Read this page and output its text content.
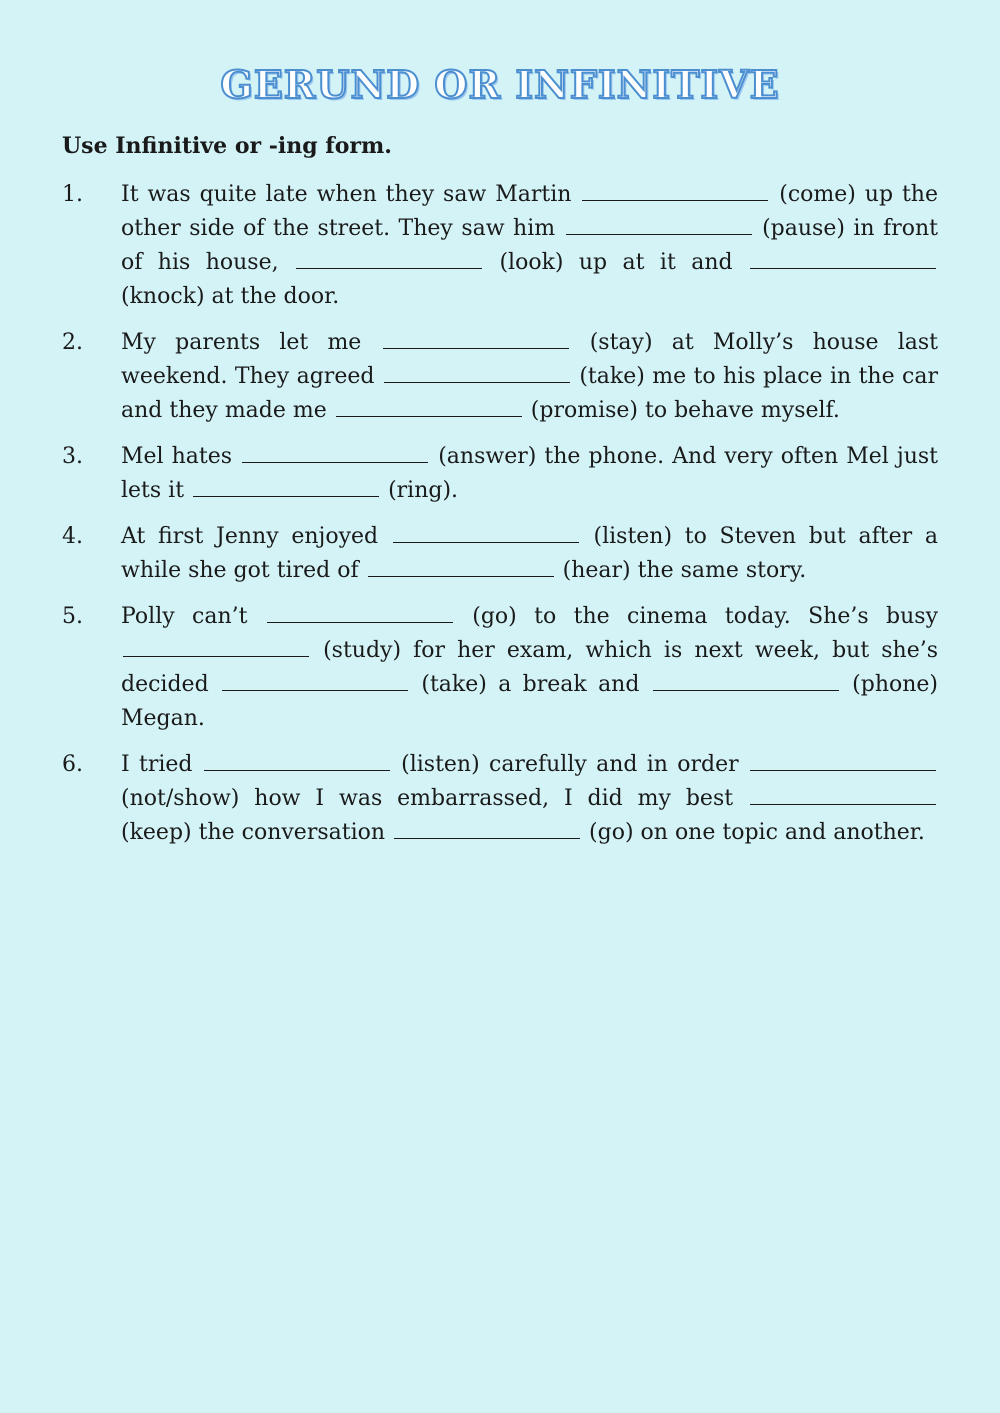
GERUND OR INFINITIVE

Use Infinitive or -ing form.

1.	It was quite late when they saw Martin	(come) up the other side of the street. They saw him	(pause) in front of his house,	(look) up at it and  (knock) at the door.
2.	My parents let me	(stay) at Molly’s house last weekend. They agreed	(take) me to his place in the car and they made me	(promise) to behave myself.
3.	Mel hates	(answer) the phone. And very often Mel just lets it	(ring).
4.	At first Jenny enjoyed	(listen) to Steven but after a while she got tired of	(hear) the same story.
5.	Polly can’t	(go) to the cinema today. She’s busy  (study) for her exam, which is next week, but she’s decided	(take) a break and	(phone) Megan.
6.	I tried	(listen) carefully and in order  (not/show) how I was embarrassed, I did my best  (keep) the conversation	(go) on one topic and another.
